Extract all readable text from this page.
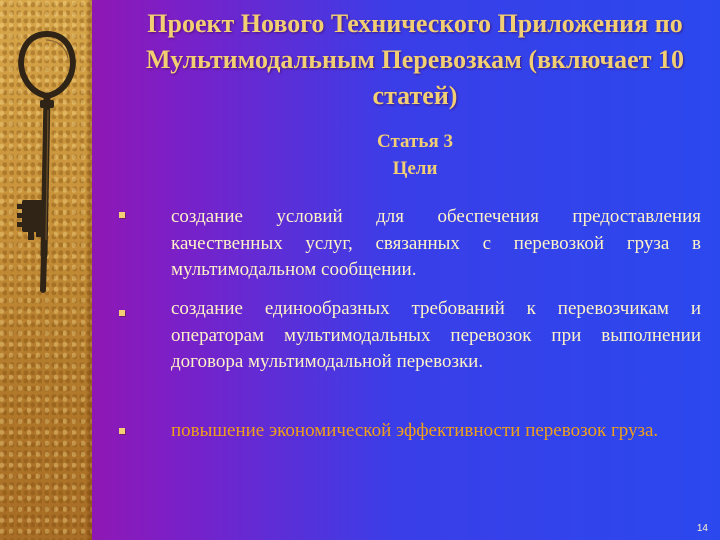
Проект Нового Технического Приложения по Мультимодальным Перевозкам (включает 10 статей)
Статья 3
Цели

создание условий для обеспечения предоставления качественных услуг, связанных с перевозкой груза в мультимодальном сообщении.

создание единообразных требований к перевозчикам и операторам мультимодальных перевозок при выполнении договора мультимодальной перевозки.

повышение экономической эффективности перевозок груза.

14
